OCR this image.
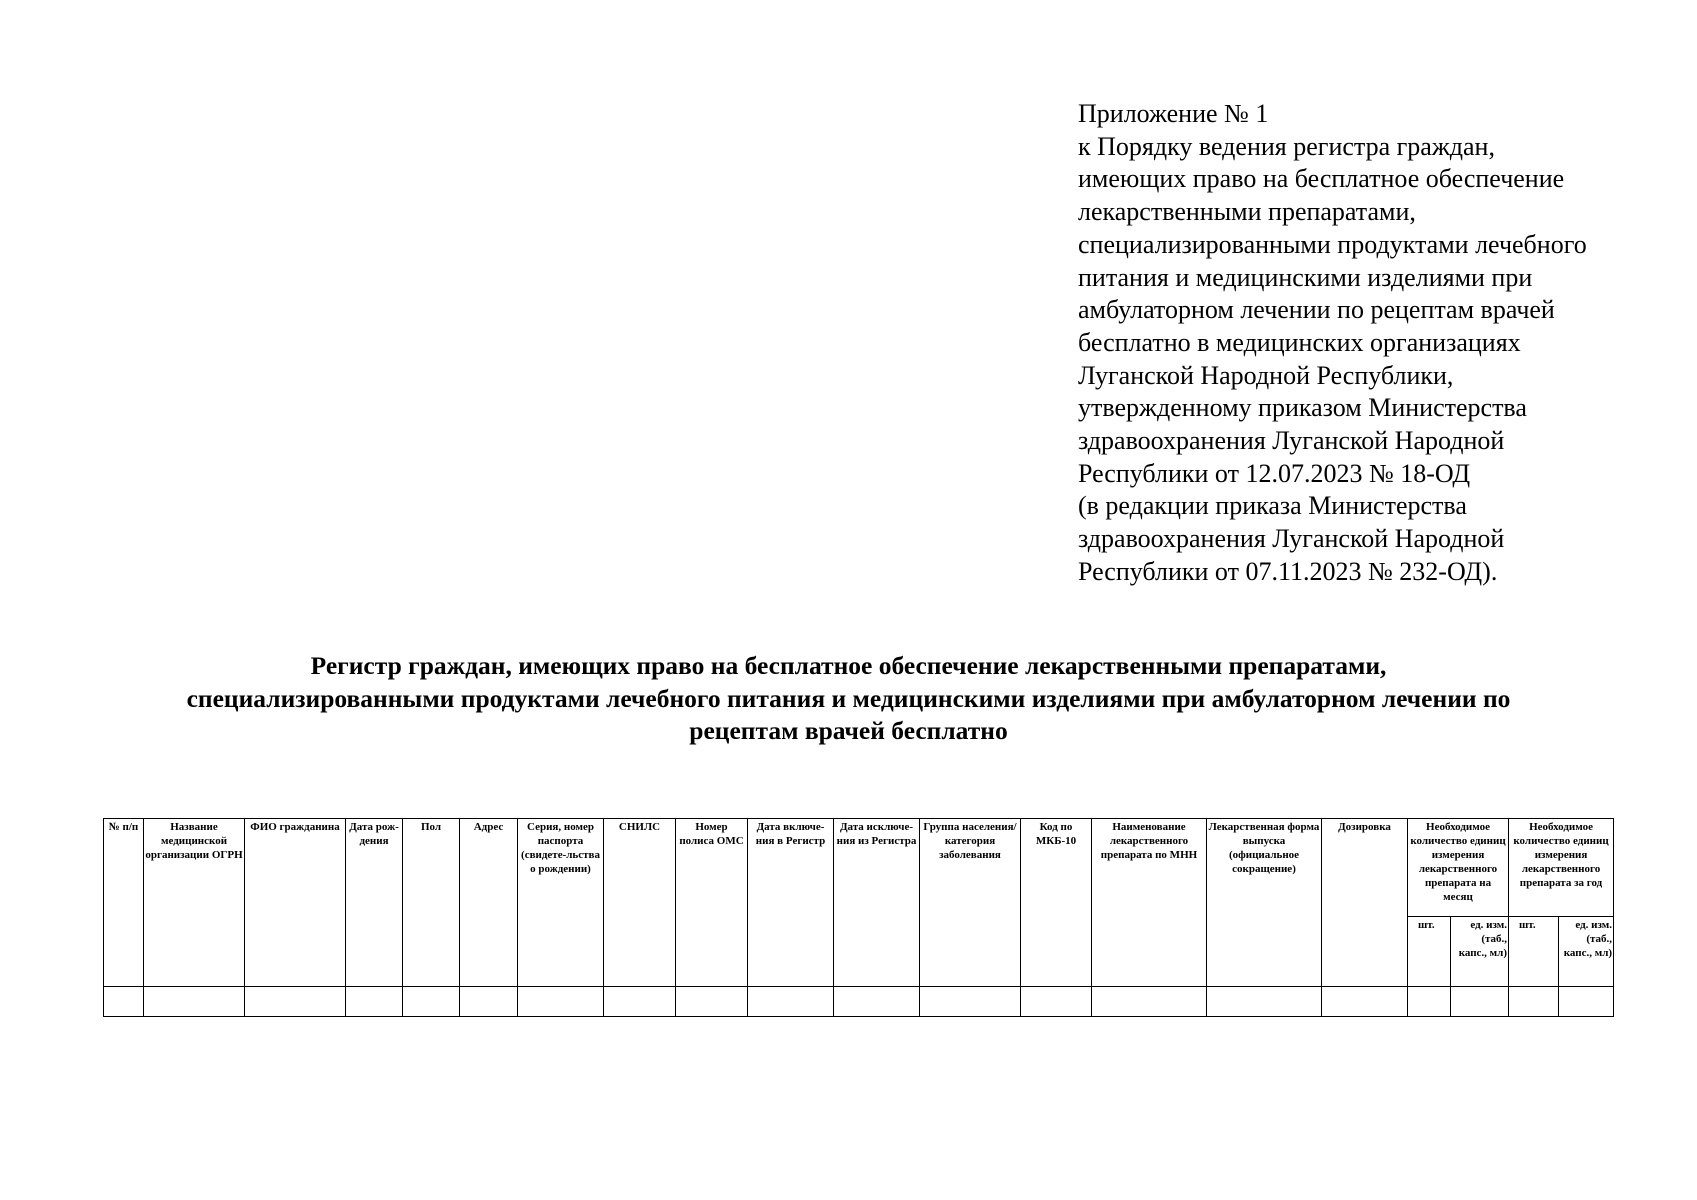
Приложение № 1
к Порядку ведения регистра граждан,
имеющих право на бесплатное обеспечение
лекарственными препаратами,
специализированными продуктами лечебного
питания и медицинскими изделиями при
амбулаторном лечении по рецептам врачей
бесплатно в медицинских организациях
Луганской Народной Республики,
утвержденному приказом Министерства
здравоохранения Луганской Народной
Республики от 12.07.2023 № 18-ОД
(в редакции приказа Министерства
здравоохранения Луганской Народной
Республики от 07.11.2023 № 232-ОД).
Регистр граждан, имеющих право на бесплатное обеспечение лекарственными препаратами,
специализированными продуктами лечебного питания и медицинскими изделиями при амбулаторном лечении по
рецептам врачей бесплатно
№ п/п	Название медицинской организации ОГРН	ФИО гражданина	Дата рож-дения	Пол	Адрес	Серия, номер паспорта (свидете-льства о рождении)	СНИЛС	Номер полиса ОМС	Дата включе-ния в Регистр	Дата исключе-ния из Регистра	Группа населения/ категория заболевания	Код по МКБ-10	Наименование лекарственного препарата по МНН	Лекарственная форма выпуска (официальное сокращение)	Дозировка	Необходимое количество единиц измерения лекарственного препарата на месяц		Необходимое количество единиц измерения лекарственного препарата за год	
																шт.	ед. изм. (таб., капс., мл)	шт.	ед. изм. (таб., капс., мл)
